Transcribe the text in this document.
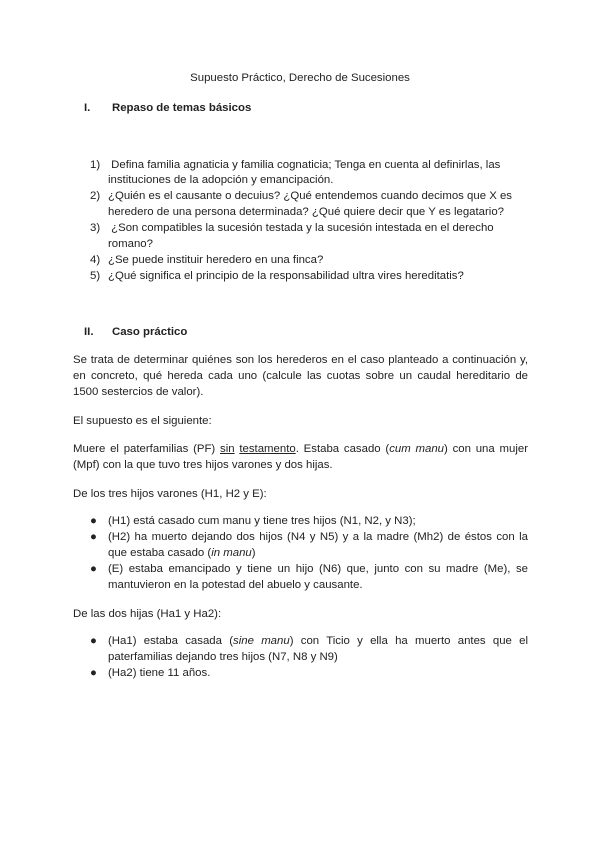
Supuesto Práctico, Derecho de Sucesiones
I. Repaso de temas básicos
1) Defina familia agnaticia y familia cognaticia; Tenga en cuenta al definirlas, las
instituciones de la adopción y emancipación.
2) ¿Quién es el causante o decuius? ¿Qué entendemos cuando decimos que X es
heredero de una persona determinada? ¿Qué quiere decir que Y es legatario?
3) ¿Son compatibles la sucesión testada y la sucesión intestada en el derecho
romano?
4) ¿Se puede instituir heredero en una finca?
5) ¿Qué significa el principio de la responsabilidad ultra vires hereditatis?
II. Caso práctico
Se trata de determinar quiénes son los herederos en el caso planteado a continuación y,
en concreto, qué hereda cada uno (calcule las cuotas sobre un caudal hereditario de
1500 sestercios de valor).
El supuesto es el siguiente:
Muere el paterfamilias (PF) sin testamento. Estaba casado (cum manu) con una mujer
(Mpf) con la que tuvo tres hijos varones y dos hijas.
De los tres hijos varones (H1, H2 y E):
● (H1) está casado cum manu y tiene tres hijos (N1, N2, y N3);
● (H2) ha muerto dejando dos hijos (N4 y N5) y a la madre (Mh2) de éstos con la
que estaba casado (in manu)
● (E) estaba emancipado y tiene un hijo (N6) que, junto con su madre (Me), se
mantuvieron en la potestad del abuelo y causante.
De las dos hijas (Ha1 y Ha2):
● (Ha1) estaba casada (sine manu) con Ticio y ella ha muerto antes que el
paterfamilias dejando tres hijos (N7, N8 y N9)
● (Ha2) tiene 11 años.
